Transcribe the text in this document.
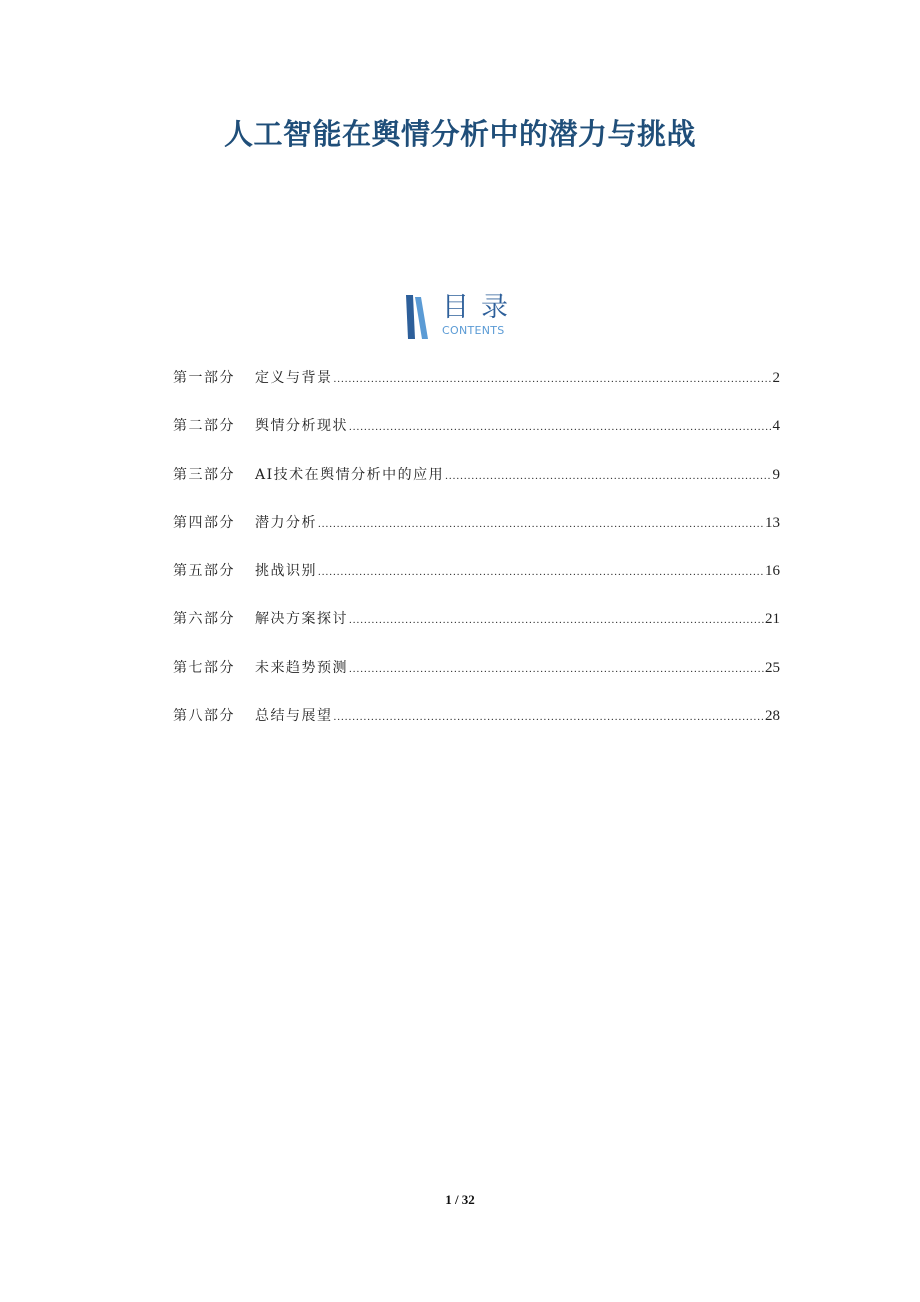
人工智能在舆情分析中的潜力与挑战
目录
CONTENTS
第一部分	定义与背景 .....	2
第二部分	舆情分析现状 .....	4
第三部分	AI技术在舆情分析中的应用 .....	9
第四部分	潜力分析 .....	13
第五部分	挑战识别 .....	16
第六部分	解决方案探讨 .....	21
第七部分	未来趋势预测 .....	25
第八部分	总结与展望 .....	28
1 / 32
